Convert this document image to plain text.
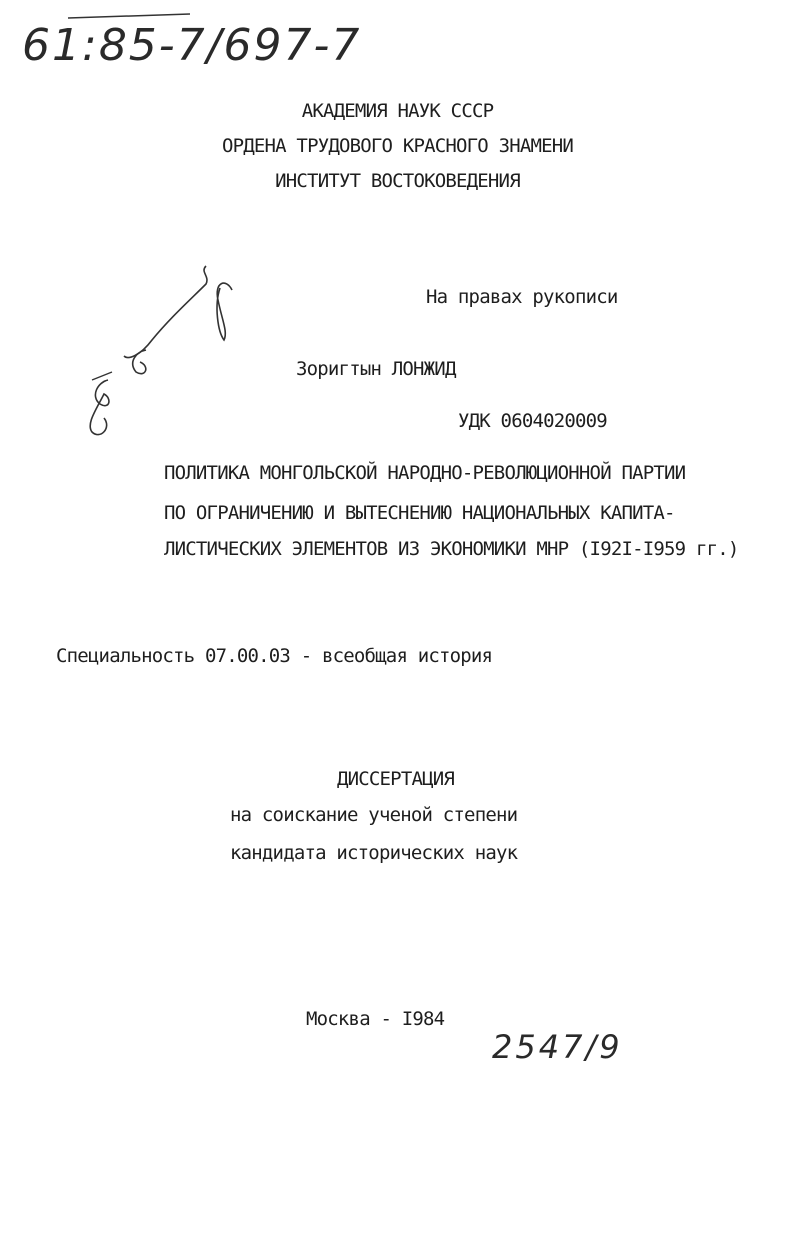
61:85-7/697-7
АКАДЕМИЯ НАУК СССР
ОРДЕНА ТРУДОВОГО КРАСНОГО ЗНАМЕНИ
ИНСТИТУТ ВОСТОКОВЕДЕНИЯ
На правах рукописи
Зоригтын ЛОНЖИД
УДК 0604020009
ПОЛИТИКА МОНГОЛЬСКОЙ НАРОДНО-РЕВОЛЮЦИОННОЙ ПАРТИИ
ПО ОГРАНИЧЕНИЮ И ВЫТЕСНЕНИЮ НАЦИОНАЛЬНЫХ КАПИТА-
ЛИСТИЧЕСКИХ ЭЛЕМЕНТОВ ИЗ ЭКОНОМИКИ МНР (I92I-I959 гг.)
Специальность 07.00.03 - всеобщая история
ДИССЕРТАЦИЯ
на соискание ученой степени
кандидата исторических наук
Москва - I984
2547/9
